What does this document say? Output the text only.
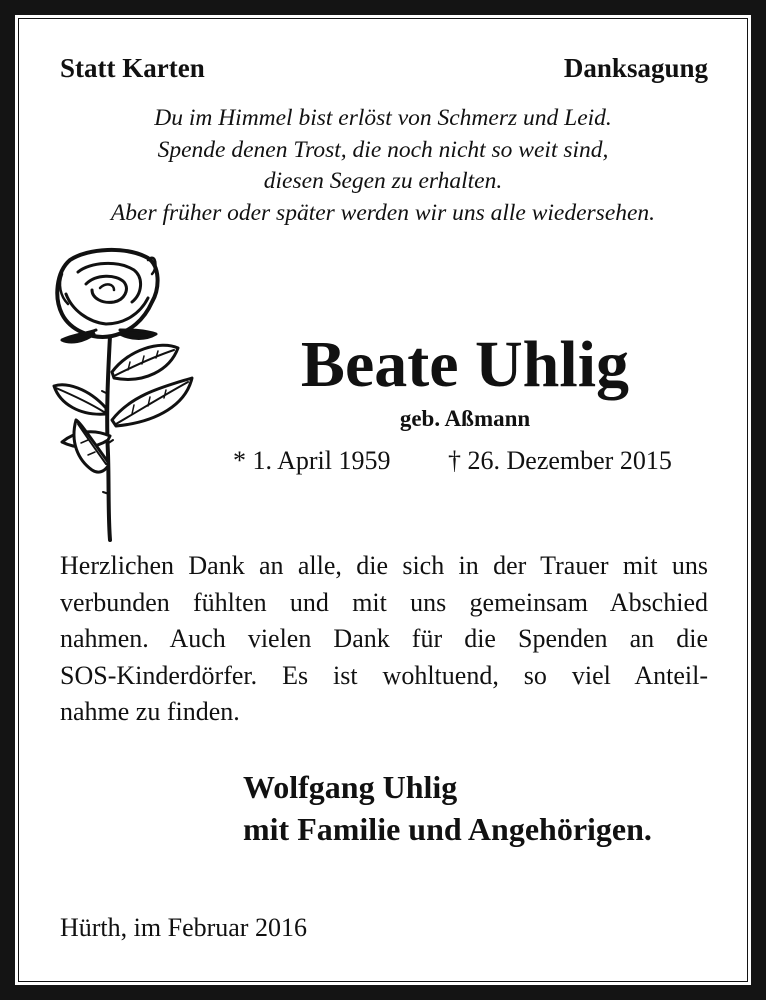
Statt Karten	Danksagung
Du im Himmel bist erlöst von Schmerz und Leid.
Spende denen Trost, die noch nicht so weit sind,
diesen Segen zu erhalten.
Aber früher oder später werden wir uns alle wiedersehen.
Beate Uhlig
geb. Aßmann
* 1. April 1959 † 26. Dezember 2015
Herzlichen Dank an alle, die sich in der Trauer mit uns
verbunden fühlten und mit uns gemeinsam Abschied
nahmen. Auch vielen Dank für die Spenden an die
SOS-Kinderdörfer. Es ist wohltuend, so viel Anteil-
nahme zu finden.
Wolfgang Uhlig
mit Familie und Angehörigen.
Hürth, im Februar 2016
